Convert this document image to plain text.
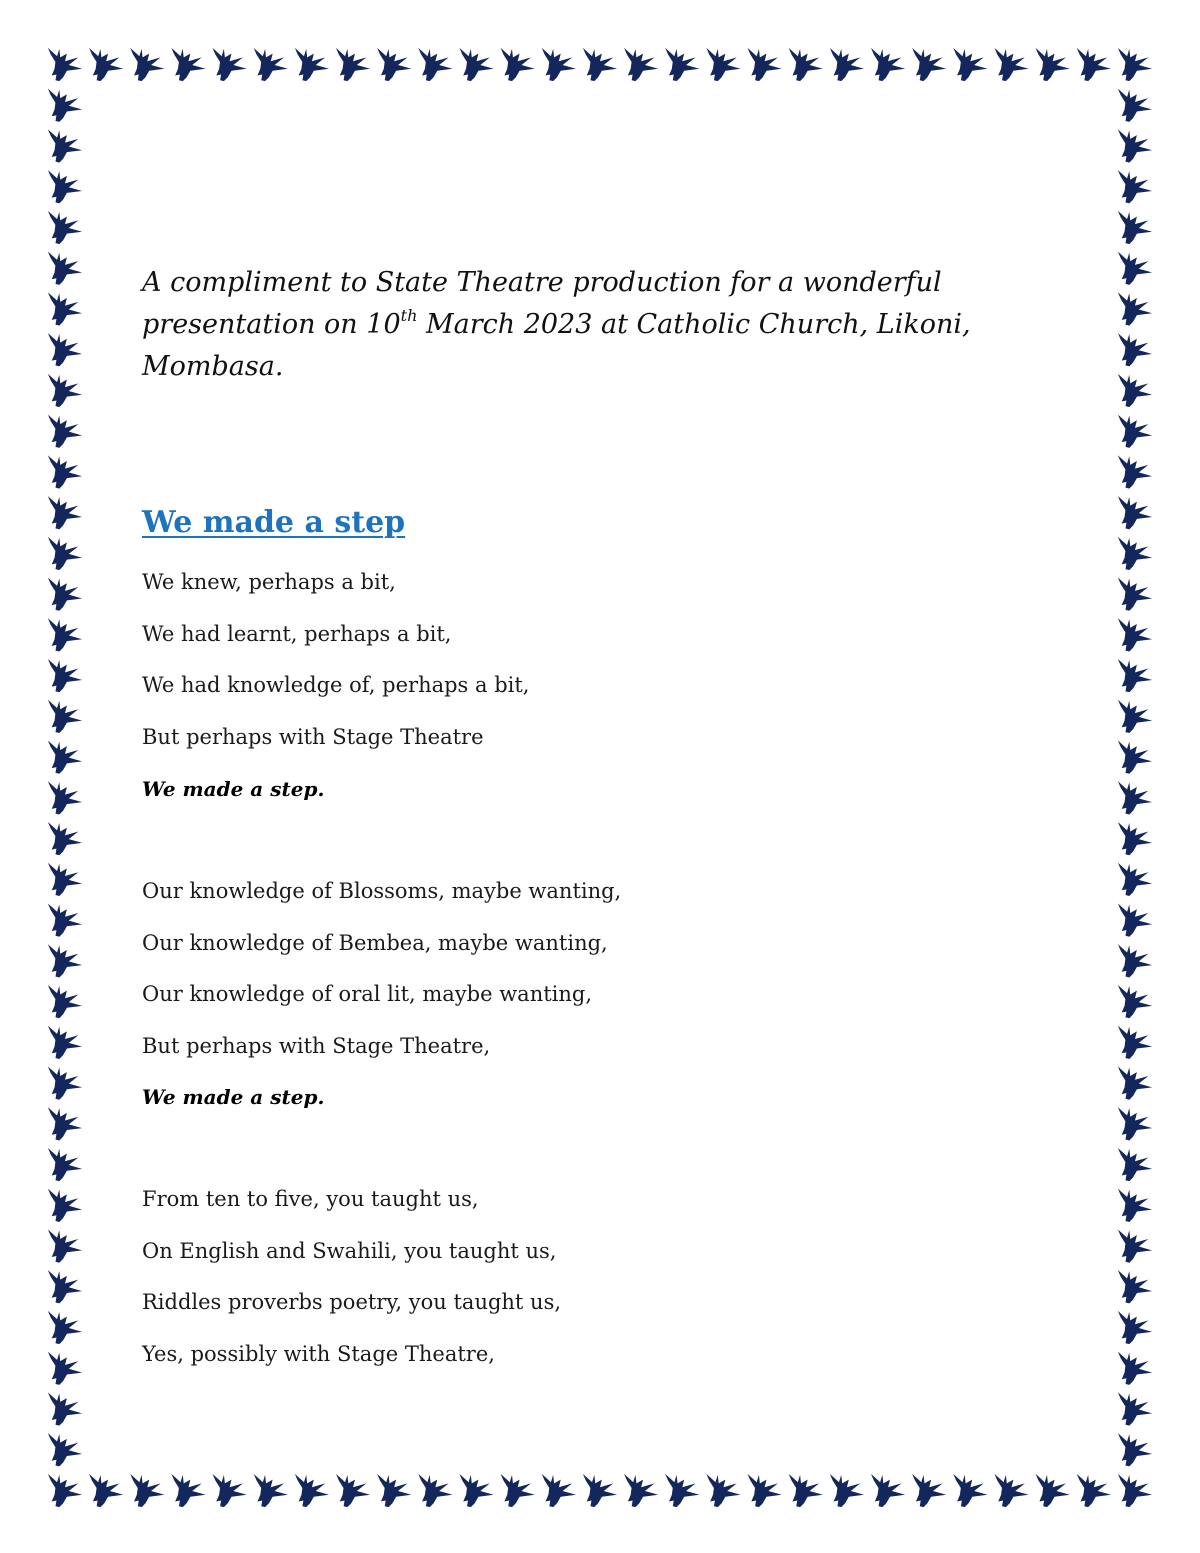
A compliment to State Theatre production for a wonderful presentation on 10th March 2023 at Catholic Church, Likoni, Mombasa.

We made a step
We knew, perhaps a bit,
We had learnt, perhaps a bit,
We had knowledge of, perhaps a bit,
But perhaps with Stage Theatre

We made a step.

Our knowledge of Blossoms, maybe wanting,
Our knowledge of Bembea, maybe wanting,
Our knowledge of oral lit, maybe wanting,
But perhaps with Stage Theatre,

We made a step.

From ten to five, you taught us,
On English and Swahili, you taught us,
Riddles proverbs poetry, you taught us,
Yes, possibly with Stage Theatre,
